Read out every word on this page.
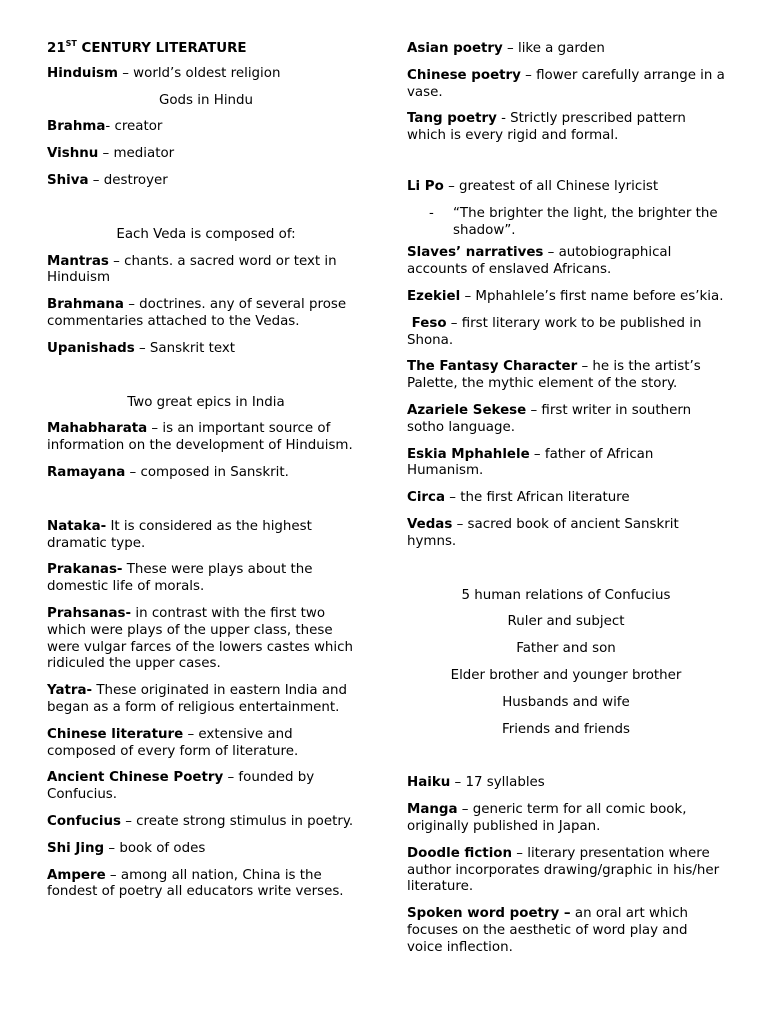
21ST CENTURY LITERATURE

Hinduism – world’s oldest religion

Gods in Hindu

Brahma- creator

Vishnu – mediator

Shiva – destroyer

Each Veda is composed of:

Mantras – chants. a sacred word or text in Hinduism

Brahmana – doctrines. any of several prose commentaries attached to the Vedas.

Upanishads – Sanskrit text

Two great epics in India

Mahabharata – is an important source of information on the development of Hinduism.

Ramayana – composed in Sanskrit.

Nataka- It is considered as the highest dramatic type.

Prakanas- These were plays about the domestic life of morals.

Prahsanas- in contrast with the first two which were plays of the upper class, these were vulgar farces of the lowers castes which ridiculed the upper cases.

Yatra- These originated in eastern India and began as a form of religious entertainment.

Chinese literature – extensive and composed of every form of literature.

Ancient Chinese Poetry – founded by Confucius.

Confucius – create strong stimulus in poetry.

Shi Jing – book of odes

Ampere – among all nation, China is the fondest of poetry all educators write verses.

Asian poetry – like a garden

Chinese poetry – flower carefully arrange in a vase.

Tang poetry - Strictly prescribed pattern which is every rigid and formal.

Li Po – greatest of all Chinese lyricist

- “The brighter the light, the brighter the shadow”.

Slaves’ narratives – autobiographical accounts of enslaved Africans.

Ezekiel – Mphahlele’s first name before es’kia.

Feso – first literary work to be published in Shona.

The Fantasy Character – he is the artist’s Palette, the mythic element of the story.

Azariele Sekese – first writer in southern sotho language.

Eskia Mphahlele – father of African Humanism.

Circa – the first African literature

Vedas – sacred book of ancient Sanskrit hymns.

5 human relations of Confucius

Ruler and subject

Father and son

Elder brother and younger brother

Husbands and wife

Friends and friends

Haiku – 17 syllables

Manga – generic term for all comic book, originally published in Japan.

Doodle fiction – literary presentation where author incorporates drawing/graphic in his/her literature.

Spoken word poetry – an oral art which focuses on the aesthetic of word play and voice inflection.
